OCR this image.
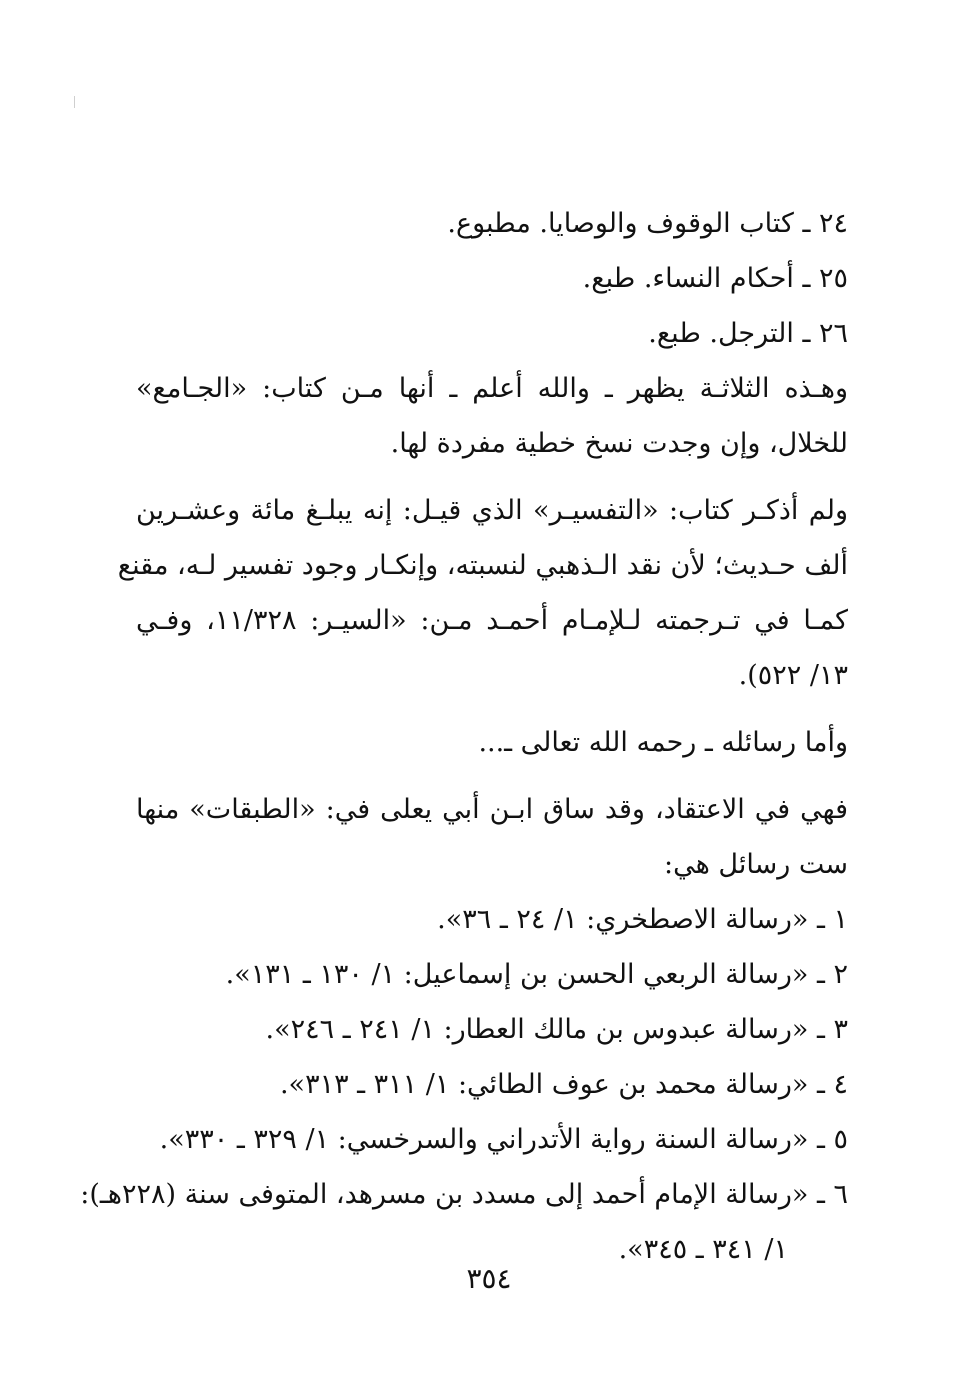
٢٤ ـ كتاب الوقوف والوصايا. مطبوع.

٢٥ ـ أحكام النساء. طبع.

٢٦ ـ الترجل. طبع.

وهـذه الثلاثـة يظهر ـ والله أعلم ـ أنها مـن كتاب: «الجـامع»

للخلال، وإن وجدت نسخ خطية مفردة لها.

ولم أذكـر كتاب: «التفسيـر» الذي قيـل: إنه يبلـغ مائة وعشـرين

ألف حـديث؛ لأن نقد الـذهبي لنسبته، وإنكـار وجود تفسير لـه، مقنع

كمـا في تـرجمته لـلإمـام أحمـد مـن: «السيـر: ١١/٣٢٨، وفـي

١٣/ ٥٢٢).

وأما رسائله ـ رحمه الله تعالى ـ...

فهي في الاعتقاد، وقد ساق ابـن أبي يعلى في: «الطبقات» منها

ست رسائل هي:

١ ـ «رسالة الاصطخري: ١/ ٢٤ ـ ٣٦».

٢ ـ «رسالة الربعي الحسن بن إسماعيل: ١/ ١٣٠ ـ ١٣١».

٣ ـ «رسالة عبدوس بن مالك العطار: ١/ ٢٤١ ـ ٢٤٦».

٤ ـ «رسالة محمد بن عوف الطائي: ١/ ٣١١ ـ ٣١٣».

٥ ـ «رسالة السنة رواية الأتدراني والسرخسي: ١/ ٣٢٩ ـ ٣٣٠».

٦ ـ «رسالة الإمام أحمد إلى مسدد بن مسرهد، المتوفى سنة (٢٢٨هـ):

١/ ٣٤١ ـ ٣٤٥».

٣٥٤
